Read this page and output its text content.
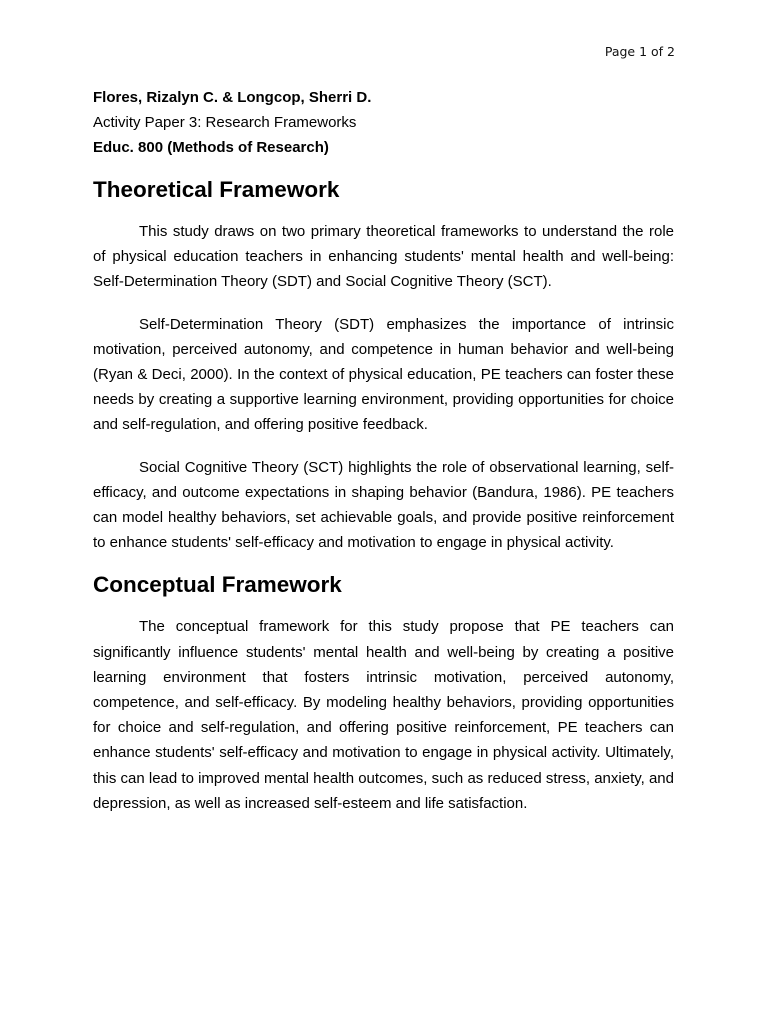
Page 1 of 2

Flores, Rizalyn C. & Longcop, Sherri D.

Activity Paper 3: Research Frameworks

Educ. 800 (Methods of Research)

Theoretical Framework

This study draws on two primary theoretical frameworks to understand the role of physical education teachers in enhancing students' mental health and well-being: Self-Determination Theory (SDT) and Social Cognitive Theory (SCT).

Self-Determination Theory (SDT) emphasizes the importance of intrinsic motivation, perceived autonomy, and competence in human behavior and well-being (Ryan & Deci, 2000). In the context of physical education, PE teachers can foster these needs by creating a supportive learning environment, providing opportunities for choice and self-regulation, and offering positive feedback.

Social Cognitive Theory (SCT) highlights the role of observational learning, self-efficacy, and outcome expectations in shaping behavior (Bandura, 1986). PE teachers can model healthy behaviors, set achievable goals, and provide positive reinforcement to enhance students' self-efficacy and motivation to engage in physical activity.

Conceptual Framework

The conceptual framework for this study propose that PE teachers can significantly influence students' mental health and well-being by creating a positive learning environment that fosters intrinsic motivation, perceived autonomy, competence, and self-efficacy. By modeling healthy behaviors, providing opportunities for choice and self-regulation, and offering positive reinforcement, PE teachers can enhance students' self-efficacy and motivation to engage in physical activity. Ultimately, this can lead to improved mental health outcomes, such as reduced stress, anxiety, and depression, as well as increased self-esteem and life satisfaction.
